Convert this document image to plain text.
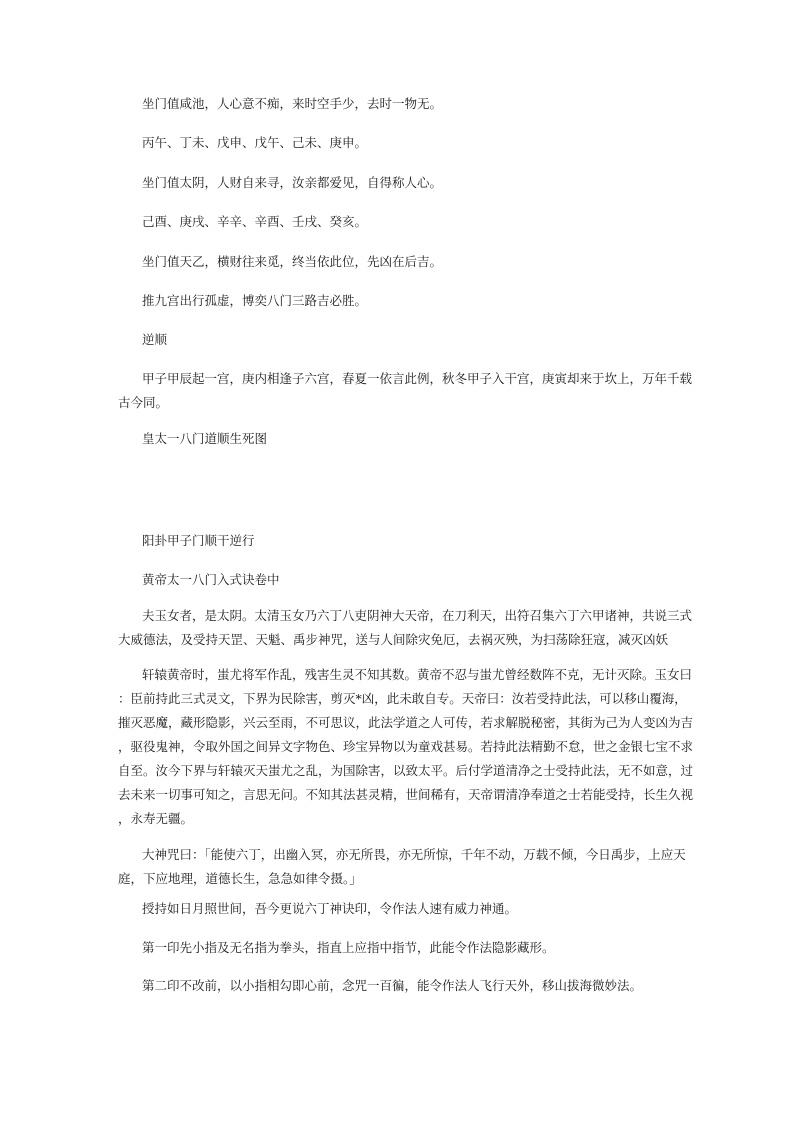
坐门值咸池，人心意不痴，来时空手少，去时一物无。
丙午、丁未、戊申、戊午、己未、庚申。
坐门值太阴，人财自来寻，汝亲都爱见，自得称人心。
己酉、庚戌、辛辛、辛酉、壬戌、癸亥。
坐门值天乙，横财往来觅，终当依此位，先凶在后吉。
推九宫出行孤虚，博奕八门三路吉必胜。
逆顺
甲子甲辰起一宫，庚内相逢子六宫，春夏一依言此例，秋冬甲子入干宫，庚寅却来于坎上，万年千载
古今同。
皇太一八门道顺生死图
阳卦甲子门顺干逆行
黄帝太一八门入式诀卷中
夫玉女者，是太阴。太清玉女乃六丁八吏阴神大天帝，在刀利天，出符召集六丁六甲诸神，共说三式
大威德法，及受持天罡、天魁、禹步神咒，送与人间除灾免厄，去祸灭殃，为扫荡除狂寇，减灭凶妖
轩辕黄帝时，蚩尤将军作乱，残害生灵不知其数。黄帝不忍与蚩尤曾经数阵不克，无计灭除。玉女曰
：臣前持此三式灵文，下界为民除害，剪灭*凶，此未敢自专。天帝曰：汝若受持此法，可以移山覆海，
摧灭恶魔，藏形隐影，兴云至雨，不可思议，此法学道之人可传，若求解脱秘密，其街为己为人变凶为吉
，驱役鬼神，令取外国之间异文字物色、珍宝异物以为童戏甚易。若持此法精勤不怠，世之金银七宝不求
自至。汝今下界与轩辕灭天蚩尤之乱，为国除害，以致太平。后付学道清净之士受持此法，无不如意，过
去未来一切事可知之，言思无问。不知其法甚灵精，世间稀有，天帝谓清净奉道之士若能受持，长生久视
，永寿无疆。
大神咒曰：「能使六丁，出幽入冥，亦无所畏，亦无所惊，千年不动，万载不倾，今日禹步，上应天
庭，下应地理，道德长生，急急如律令摄。」
授持如日月照世间，吾今更说六丁神诀印，令作法人速有威力神通。
第一印先小指及无名指为拳头，指直上应指中指节，此能令作法隐影藏形。
第二印不改前，以小指相勾即心前，念咒一百徧，能令作法人飞行天外，移山拔海微妙法。
